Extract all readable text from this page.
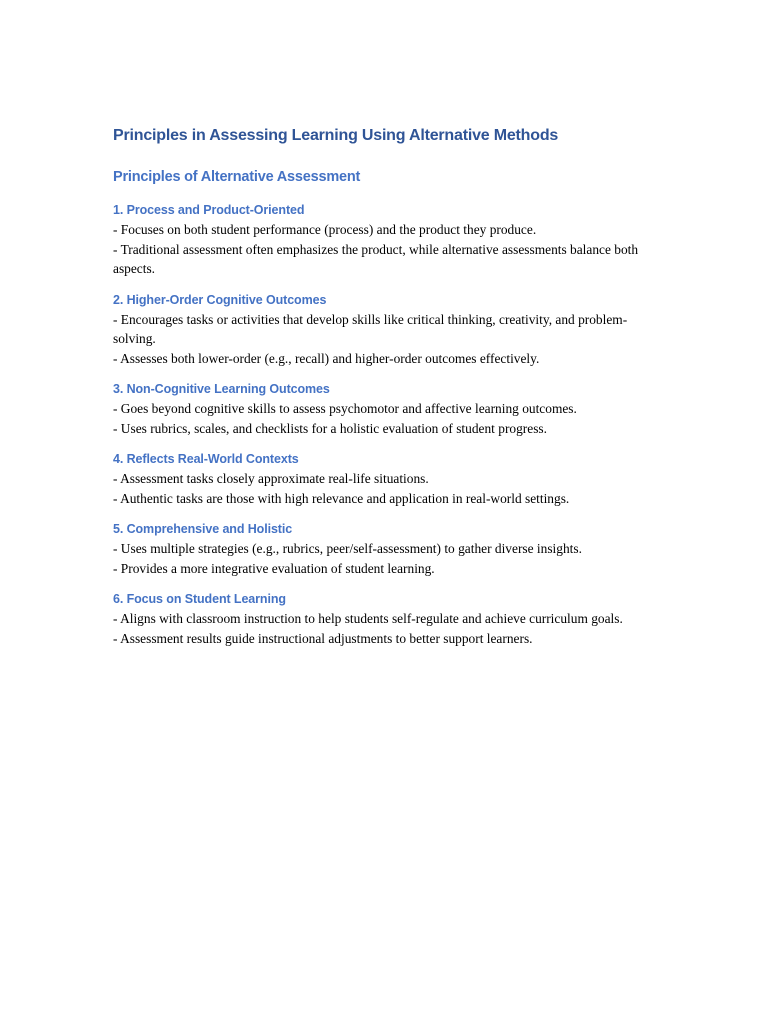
Principles in Assessing Learning Using Alternative Methods
Principles of Alternative Assessment
1. Process and Product-Oriented

- Focuses on both student performance (process) and the product they produce.

- Traditional assessment often emphasizes the product, while alternative assessments balance both aspects.

2. Higher-Order Cognitive Outcomes

- Encourages tasks or activities that develop skills like critical thinking, creativity, and problem-solving.

- Assesses both lower-order (e.g., recall) and higher-order outcomes effectively.

3. Non-Cognitive Learning Outcomes

- Goes beyond cognitive skills to assess psychomotor and affective learning outcomes.

- Uses rubrics, scales, and checklists for a holistic evaluation of student progress.

4. Reflects Real-World Contexts

- Assessment tasks closely approximate real-life situations.

- Authentic tasks are those with high relevance and application in real-world settings.

5. Comprehensive and Holistic

- Uses multiple strategies (e.g., rubrics, peer/self-assessment) to gather diverse insights.

- Provides a more integrative evaluation of student learning.

6. Focus on Student Learning

- Aligns with classroom instruction to help students self-regulate and achieve curriculum goals.

- Assessment results guide instructional adjustments to better support learners.
